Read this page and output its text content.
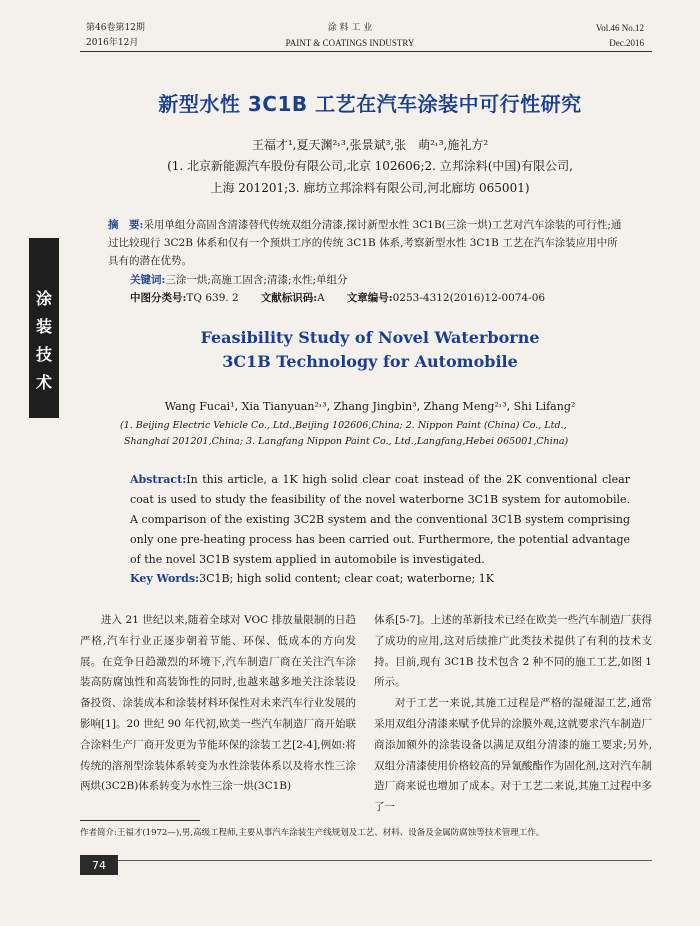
第46卷第12期
2016年12月
涂 料 工 业
PAINT & COATINGS INDUSTRY
Vol.46 No.12
Dec.2016
涂
装
技
术
新型水性 3C1B 工艺在汽车涂装中可行性研究
王福才¹,夏天渊²˒³,张景斌³,张　萌²˒³,施礼方²
(1. 北京新能源汽车股份有限公司,北京 102606;2. 立邦涂料(中国)有限公司,
上海 201201;3. 廊坊立邦涂料有限公司,河北廊坊 065001)
摘　要:采用单组分高固含清漆替代传统双组分清漆,探讨新型水性 3C1B(三涂一烘)工艺对汽车涂装的可行性;通过比较现行 3C2B 体系和仅有一个预烘工序的传统 3C1B 体系,考察新型水性 3C1B 工艺在汽车涂装应用中所具有的潜在优势。
关键词:三涂一烘;高施工固含;清漆;水性;单组分
中图分类号:TQ 639. 2 文献标识码:A 文章编号:0253-4312(2016)12-0074-06
Feasibility Study of Novel Waterborne
3C1B Technology for Automobile
Wang Fucai¹, Xia Tianyuan²˒³, Zhang Jingbin³, Zhang Meng²˒³, Shi Lifang²
(1. Beijing Electric Vehicle Co., Ltd.,Beijing 102606,China; 2. Nippon Paint (China) Co., Ltd.,
Shanghai 201201,China; 3. Langfang Nippon Paint Co., Ltd.,Langfang,Hebei 065001,China)
Abstract:In this article, a 1K high solid clear coat instead of the 2K conventional clear coat is used to study the feasibility of the novel waterborne 3C1B system for automobile. A comparison of the existing 3C2B system and the conventional 3C1B system comprising only one pre-heating process has been carried out. Furthermore, the potential advantage of the novel 3C1B system applied in automobile is investigated.
Key Words:3C1B; high solid content; clear coat; waterborne; 1K

进入 21 世纪以来,随着全球对 VOC 排放量限制的日趋严格,汽车行业正逐步朝着节能、环保、低成本的方向发展。在竞争日趋激烈的环境下,汽车制造厂商在关注汽车涂装高防腐蚀性和高装饰性的同时,也越来越多地关注涂装设备投资、涂装成本和涂装材料环保性对未来汽车行业发展的影响[1]。20 世纪 90 年代初,欧美一些汽车制造厂商开始联合涂料生产厂商开发更为节能环保的涂装工艺[2-4],例如:将传统的溶剂型涂装体系转变为水性涂装体系以及将水性三涂两烘(3C2B)体系转变为水性三涂一烘(3C1B)

体系[5-7]。上述的革新技术已经在欧美一些汽车制造厂获得了成功的应用,这对后续推广此类技术提供了有利的技术支持。目前,现有 3C1B 技术包含 2 种不同的施工工艺,如图 1 所示。

对于工艺一来说,其施工过程是严格的湿碰湿工艺,通常采用双组分清漆来赋予优异的涂膜外观,这就要求汽车制造厂商添加额外的涂装设备以满足双组分清漆的施工要求;另外,双组分清漆使用价格较高的异氰酸酯作为固化剂,这对汽车制造厂商来说也增加了成本。对于工艺二来说,其施工过程中多了一

作者简介:王福才(1972—),男,高级工程师,主要从事汽车涂装生产线规划及工艺、材料、设备及金属防腐蚀等技术管理工作。
74
